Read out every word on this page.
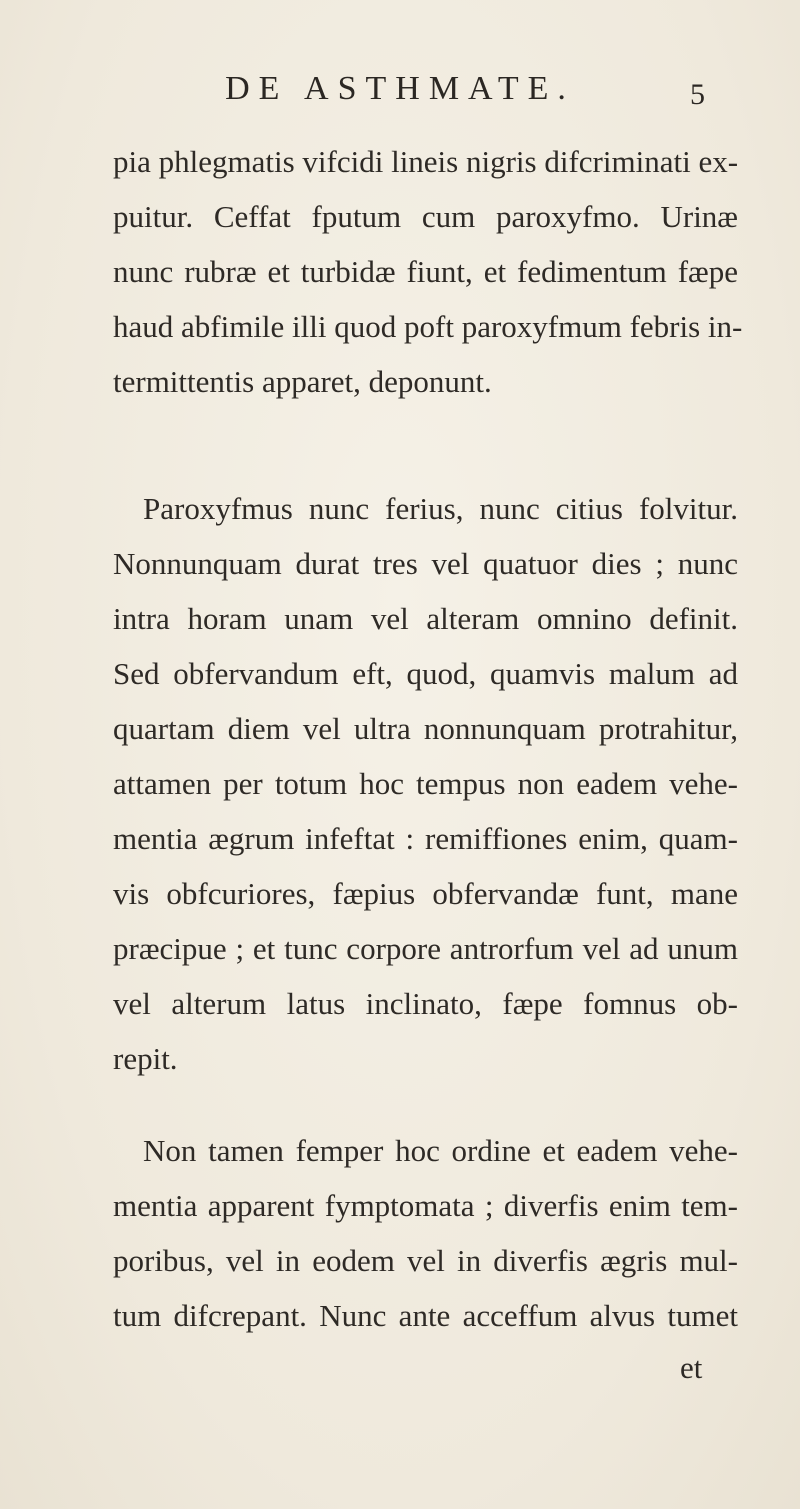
DE ASTHMATE.	5
pia phlegmatis vifcidi lineis nigris difcriminati ex-
puitur. Ceffat fputum cum paroxyfmo. Urinæ
nunc rubræ et turbidæ fiunt, et fedimentum fæpe
haud abfimile illi quod poft paroxyfmum febris in-
termittentis apparet, deponunt.
Paroxyfmus nunc ferius, nunc citius folvitur.
Nonnunquam durat tres vel quatuor dies ; nunc
intra horam unam vel alteram omnino definit.
Sed obfervandum eft, quod, quamvis malum ad
quartam diem vel ultra nonnunquam protrahitur,
attamen per totum hoc tempus non eadem vehe-
mentia ægrum infeftat : remiffiones enim, quam-
vis obfcuriores, fæpius obfervandæ funt, mane
præcipue ; et tunc corpore antrorfum vel ad unum
vel alterum latus inclinato, fæpe fomnus ob-
repit.
Non tamen femper hoc ordine et eadem vehe-
mentia apparent fymptomata ; diverfis enim tem-
poribus, vel in eodem vel in diverfis ægris mul-
tum difcrepant. Nunc ante acceffum alvus tumet
et
